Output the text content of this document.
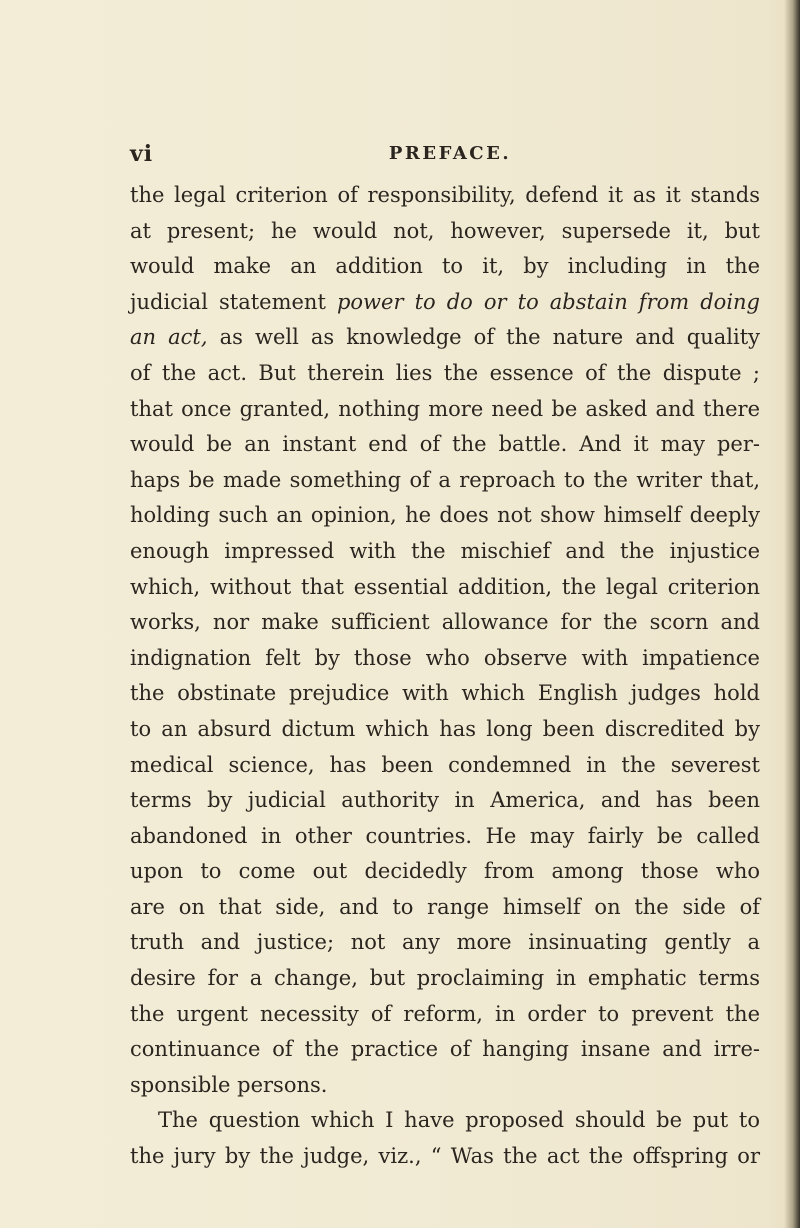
vi	PREFACE.
the legal criterion of responsibility, defend it as it stands
at present; he would not, however, supersede it, but
would make an addition to it, by including in the
judicial statement power to do or to abstain from doing
an act, as well as knowledge of the nature and quality
of the act. But therein lies the essence of the dispute ;
that once granted, nothing more need be asked and there
would be an instant end of the battle. And it may per-
haps be made something of a reproach to the writer that,
holding such an opinion, he does not show himself deeply
enough impressed with the mischief and the injustice
which, without that essential addition, the legal criterion
works, nor make sufficient allowance for the scorn and
indignation felt by those who observe with impatience
the obstinate prejudice with which English judges hold
to an absurd dictum which has long been discredited by
medical science, has been condemned in the severest
terms by judicial authority in America, and has been
abandoned in other countries. He may fairly be called
upon to come out decidedly from among those who
are on that side, and to range himself on the side of
truth and justice; not any more insinuating gently a
desire for a change, but proclaiming in emphatic terms
the urgent necessity of reform, in order to prevent the
continuance of the practice of hanging insane and irre-
sponsible persons.
The question which I have proposed should be put to
the jury by the judge, viz., “ Was the act the offspring or
